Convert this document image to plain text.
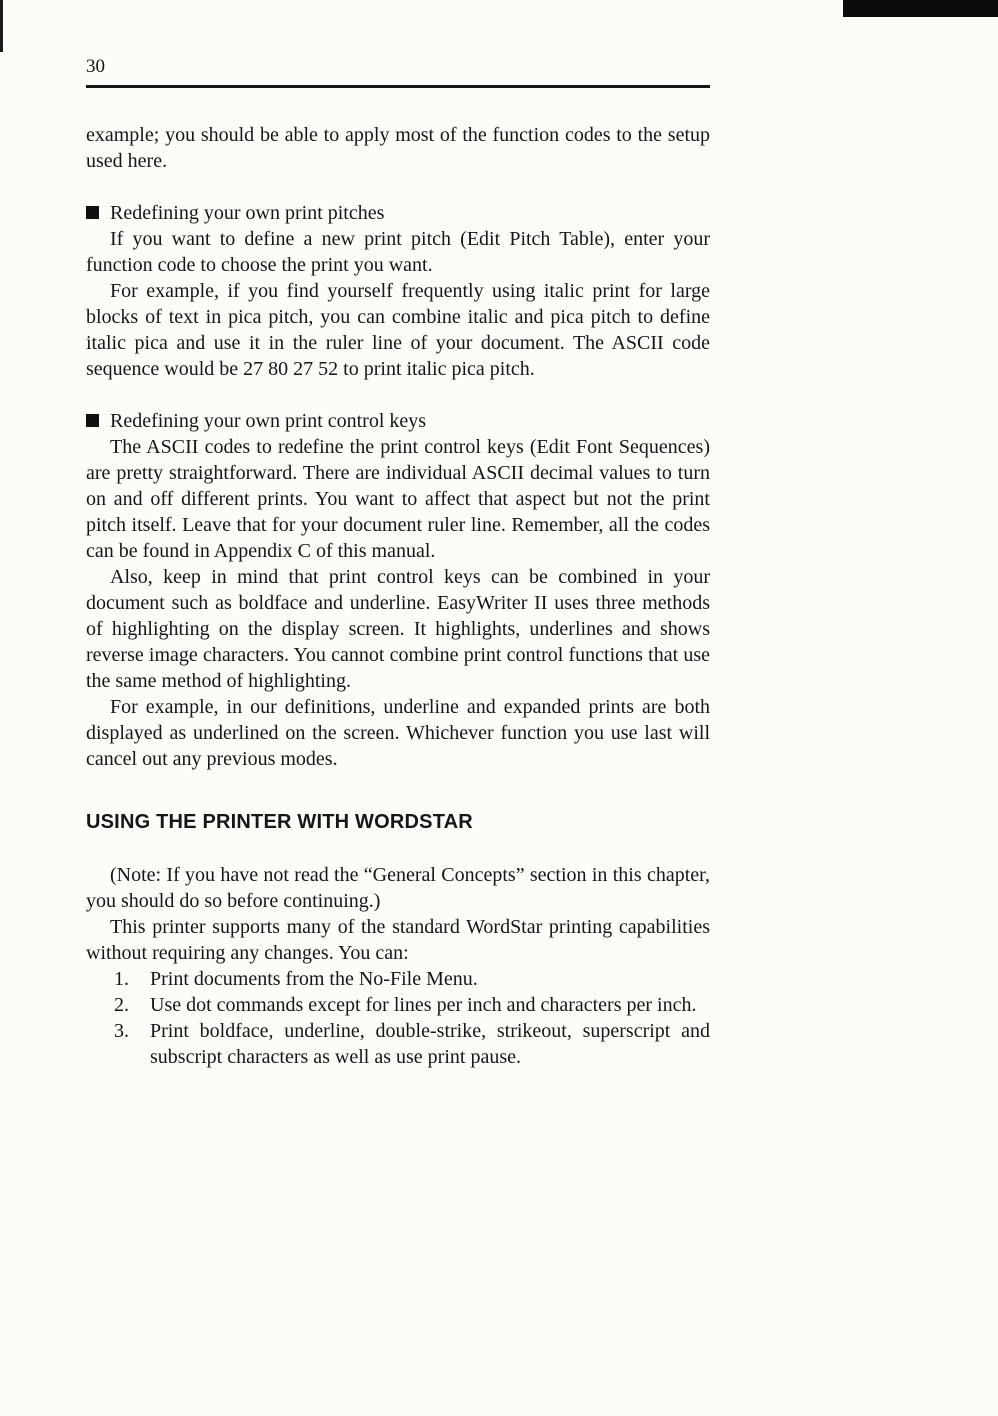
30

example; you should be able to apply most of the function codes to the setup used here.

Redefining your own print pitches

If you want to define a new print pitch (Edit Pitch Table), enter your function code to choose the print you want.

For example, if you find yourself frequently using italic print for large blocks of text in pica pitch, you can combine italic and pica pitch to define italic pica and use it in the ruler line of your document. The ASCII code sequence would be 27 80 27 52 to print italic pica pitch.

Redefining your own print control keys

The ASCII codes to redefine the print control keys (Edit Font Sequences) are pretty straightforward. There are individual ASCII decimal values to turn on and off different prints. You want to affect that aspect but not the print pitch itself. Leave that for your document ruler line. Remember, all the codes can be found in Appendix C of this manual.

Also, keep in mind that print control keys can be combined in your document such as boldface and underline. EasyWriter II uses three methods of highlighting on the display screen. It highlights, underlines and shows reverse image characters. You cannot combine print control functions that use the same method of highlighting.

For example, in our definitions, underline and expanded prints are both displayed as underlined on the screen. Whichever function you use last will cancel out any previous modes.

USING THE PRINTER WITH WORDSTAR

(Note: If you have not read the “General Concepts” section in this chapter, you should do so before continuing.)

This printer supports many of the standard WordStar printing capabilities without requiring any changes. You can:

1.	Print documents from the No-File Menu.
2.	Use dot commands except for lines per inch and characters per inch.
3.	Print boldface, underline, double-strike, strikeout, superscript and subscript characters as well as use print pause.
